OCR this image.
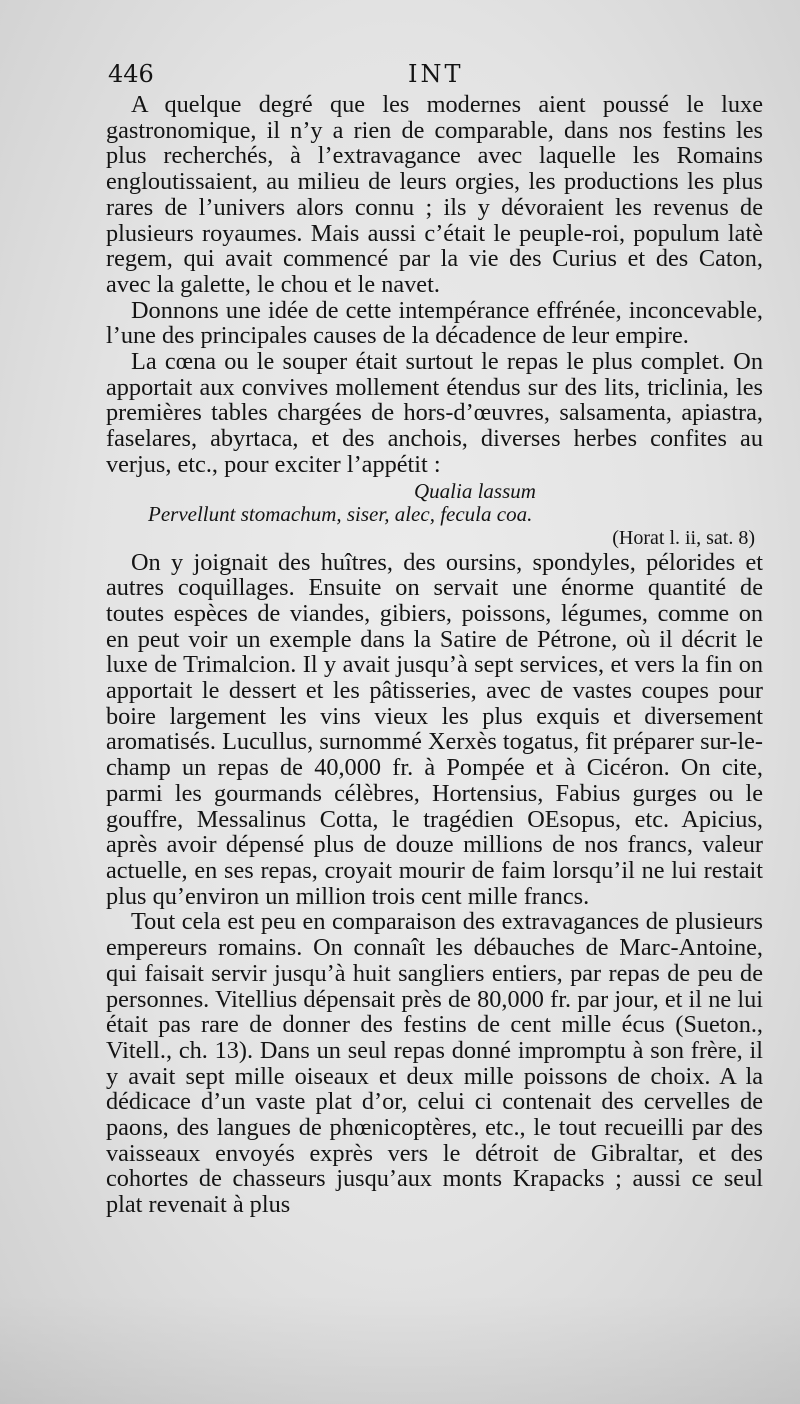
446	INT

A quelque degré que les modernes aient poussé le luxe gastronomique, il n’y a rien de comparable, dans nos festins les plus recherchés, à l’extravagance avec laquelle les Romains engloutissaient, au milieu de leurs orgies, les productions les plus rares de l’univers alors connu ; ils y dévoraient les revenus de plusieurs royaumes. Mais aussi c’était le peuple-roi, populum latè regem, qui avait commencé par la vie des Curius et des Caton, avec la galette, le chou et le navet.

Donnons une idée de cette intempérance effrénée, inconcevable, l’une des principales causes de la décadence de leur empire.

La cœna ou le souper était surtout le repas le plus complet. On apportait aux convives mollement étendus sur des lits, triclinia, les premières tables chargées de hors-d’œuvres, salsamenta, apiastra, faselares, abyrtaca, et des anchois, diverses herbes confites au verjus, etc., pour exciter l’appétit :

Qualia lassum
Pervellunt stomachum, siser, alec, fecula coa.

(Horat l. ii, sat. 8)

On y joignait des huîtres, des oursins, spondyles, pélorides et autres coquillages. Ensuite on servait une énorme quantité de toutes espèces de viandes, gibiers, poissons, légumes, comme on en peut voir un exemple dans la Satire de Pétrone, où il décrit le luxe de Trimalcion. Il y avait jusqu’à sept services, et vers la fin on apportait le dessert et les pâtisseries, avec de vastes coupes pour boire largement les vins vieux les plus exquis et diversement aromatisés. Lucullus, surnommé Xerxès togatus, fit préparer sur-le-champ un repas de 40,000 fr. à Pompée et à Cicéron. On cite, parmi les gourmands célèbres, Hortensius, Fabius gurges ou le gouffre, Messalinus Cotta, le tragédien OEsopus, etc. Apicius, après avoir dépensé plus de douze millions de nos francs, valeur actuelle, en ses repas, croyait mourir de faim lorsqu’il ne lui restait plus qu’environ un million trois cent mille francs.

Tout cela est peu en comparaison des extravagances de plusieurs empereurs romains. On connaît les débauches de Marc-Antoine, qui faisait servir jusqu’à huit sangliers entiers, par repas de peu de personnes. Vitellius dépensait près de 80,000 fr. par jour, et il ne lui était pas rare de donner des festins de cent mille écus (Sueton., Vitell., ch. 13). Dans un seul repas donné impromptu à son frère, il y avait sept mille oiseaux et deux mille poissons de choix. A la dédicace d’un vaste plat d’or, celui ci contenait des cervelles de paons, des langues de phœnicoptères, etc., le tout recueilli par des vaisseaux envoyés exprès vers le détroit de Gibraltar, et des cohortes de chasseurs jusqu’aux monts Krapacks ; aussi ce seul plat revenait à plus
